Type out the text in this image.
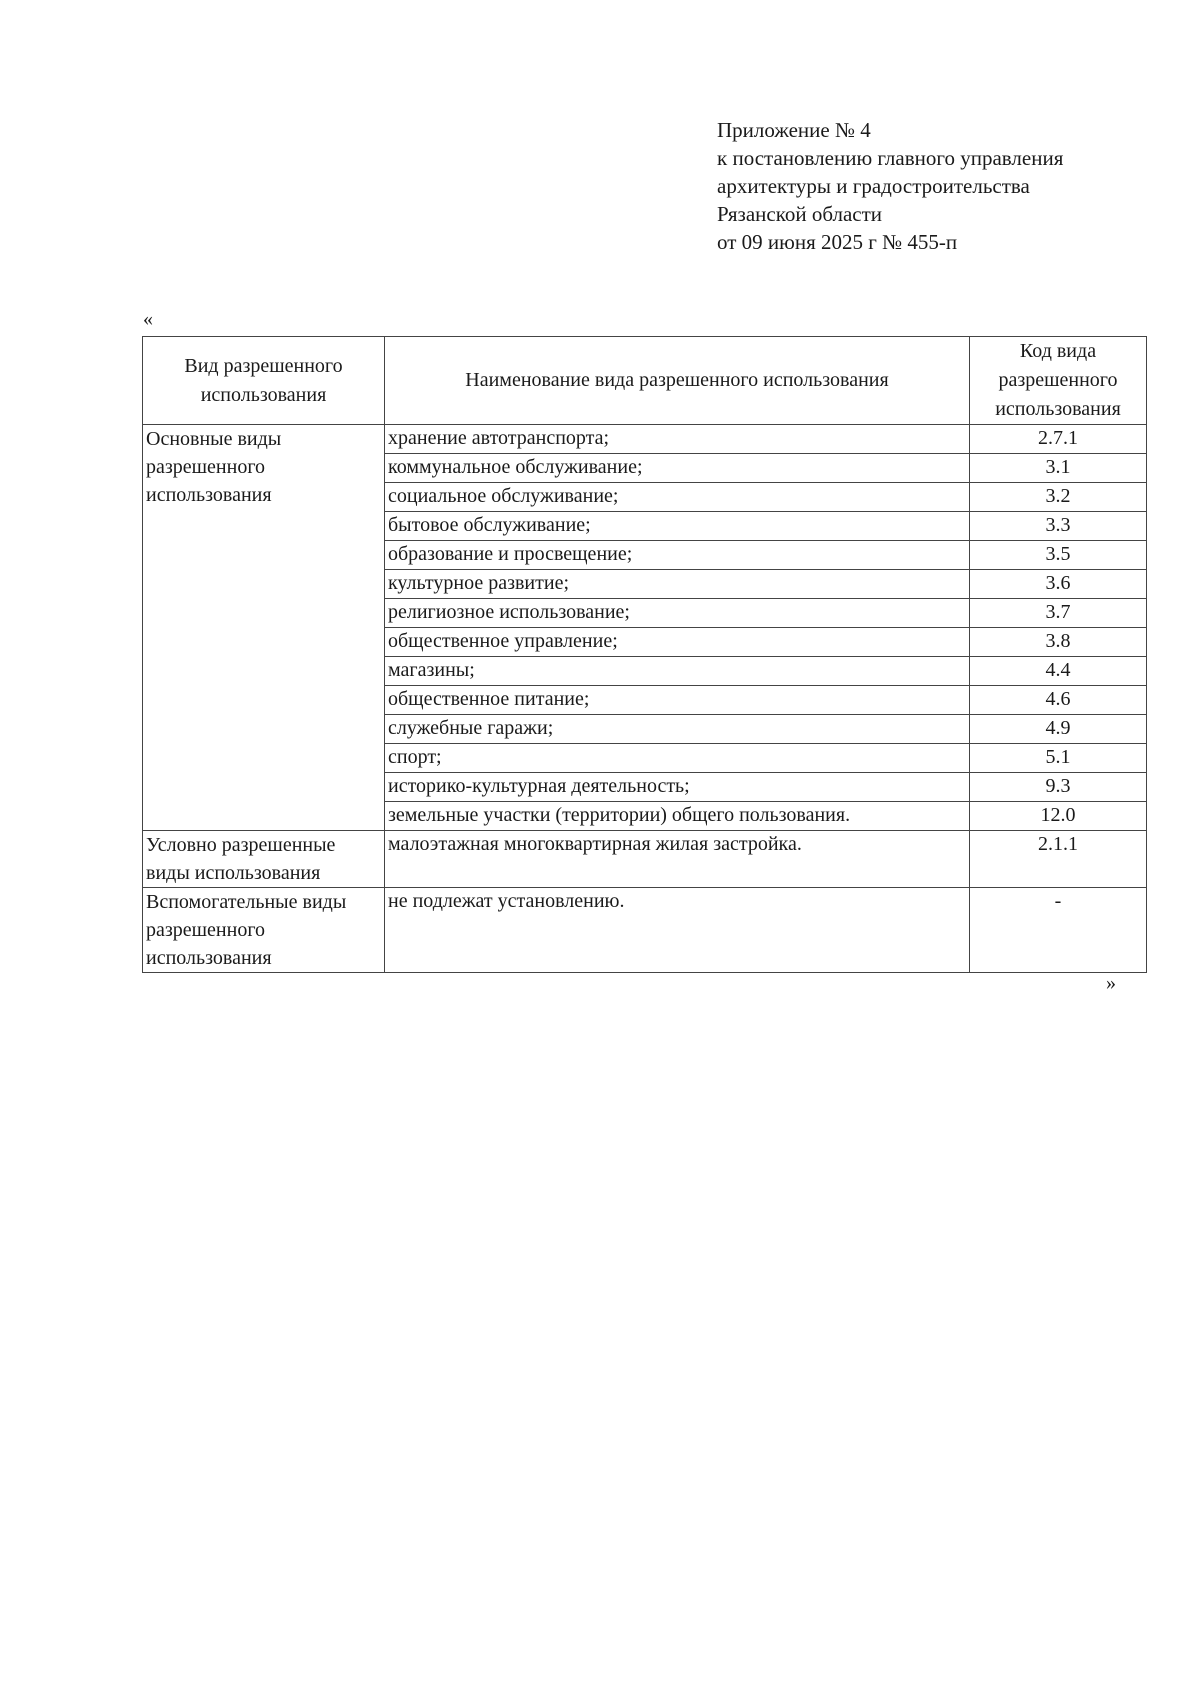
Приложение № 4
к постановлению главного управления
архитектуры и градостроительства
Рязанской области
от 09 июня 2025 г № 455-п
«
Вид разрешенного использования	Наименование вида разрешенного использования	Код вида разрешенного использования
Основные виды разрешенного использования	хранение автотранспорта;	2.7.1
	коммунальное обслуживание;	3.1
	социальное обслуживание;	3.2
	бытовое обслуживание;	3.3
	образование и просвещение;	3.5
	культурное развитие;	3.6
	религиозное использование;	3.7
	общественное управление;	3.8
	магазины;	4.4
	общественное питание;	4.6
	служебные гаражи;	4.9
	спорт;	5.1
	историко-культурная деятельность;	9.3
	земельные участки (территории) общего пользования.	12.0
Условно разрешенные виды использования	малоэтажная многоквартирная жилая застройка.	2.1.1
Вспомогательные виды разрешенного использования	не подлежат установлению.	-
»
